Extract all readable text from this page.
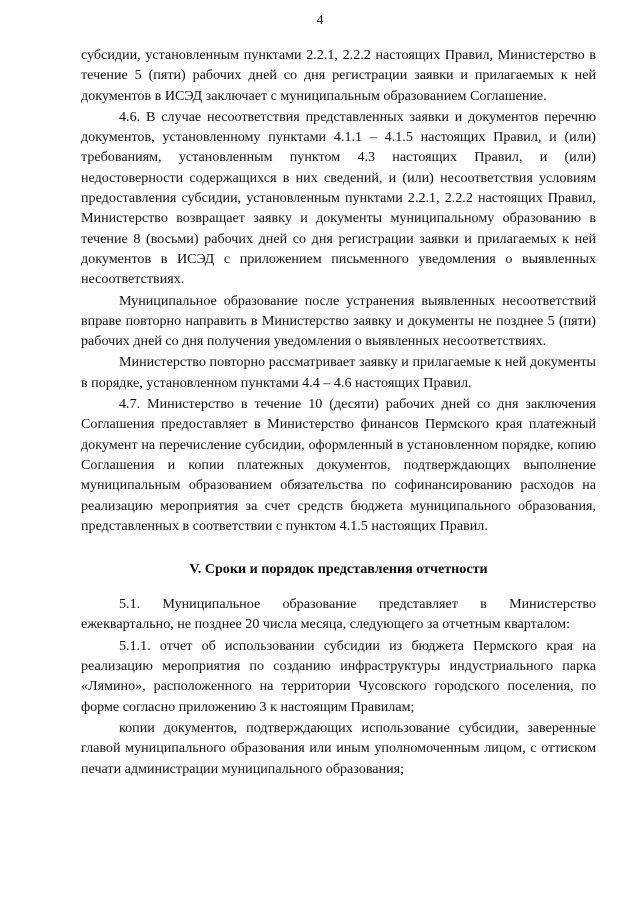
4

субсидии, установленным пунктами 2.2.1, 2.2.2 настоящих Правил, Министерство в течение 5 (пяти) рабочих дней со дня регистрации заявки и прилагаемых к ней документов в ИСЭД заключает с муниципальным образованием Соглашение.

4.6. В случае несоответствия представленных заявки и документов перечню документов, установленному пунктами 4.1.1 – 4.1.5 настоящих Правил, и (или) требованиям, установленным пунктом 4.3 настоящих Правил, и (или) недостоверности содержащихся в них сведений, и (или) несоответствия условиям предоставления субсидии, установленным пунктами 2.2.1, 2.2.2 настоящих Правил, Министерство возвращает заявку и документы муниципальному образованию в течение 8 (восьми) рабочих дней со дня регистрации заявки и прилагаемых к ней документов в ИСЭД с приложением письменного уведомления о выявленных несоответствиях.

Муниципальное образование после устранения выявленных несоответствий вправе повторно направить в Министерство заявку и документы не позднее 5 (пяти) рабочих дней со дня получения уведомления о выявленных несоответствиях.

Министерство повторно рассматривает заявку и прилагаемые к ней документы в порядке, установленном пунктами 4.4 – 4.6 настоящих Правил.

4.7. Министерство в течение 10 (десяти) рабочих дней со дня заключения Соглашения предоставляет в Министерство финансов Пермского края платежный документ на перечисление субсидии, оформленный в установленном порядке, копию Соглашения и копии платежных документов, подтверждающих выполнение муниципальным образованием обязательства по софинансированию расходов на реализацию мероприятия за счет средств бюджета муниципального образования, представленных в соответствии с пунктом 4.1.5 настоящих Правил.

V. Сроки и порядок представления отчетности

5.1. Муниципальное образование представляет в Министерство ежеквартально, не позднее 20 числа месяца, следующего за отчетным кварталом:

5.1.1. отчет об использовании субсидии из бюджета Пермского края на реализацию мероприятия по созданию инфраструктуры индустриального парка «Лямино», расположенного на территории Чусовского городского поселения, по форме согласно приложению 3 к настоящим Правилам;

копии документов, подтверждающих использование субсидии, заверенные главой муниципального образования или иным уполномоченным лицом, с оттиском печати администрации муниципального образования;
